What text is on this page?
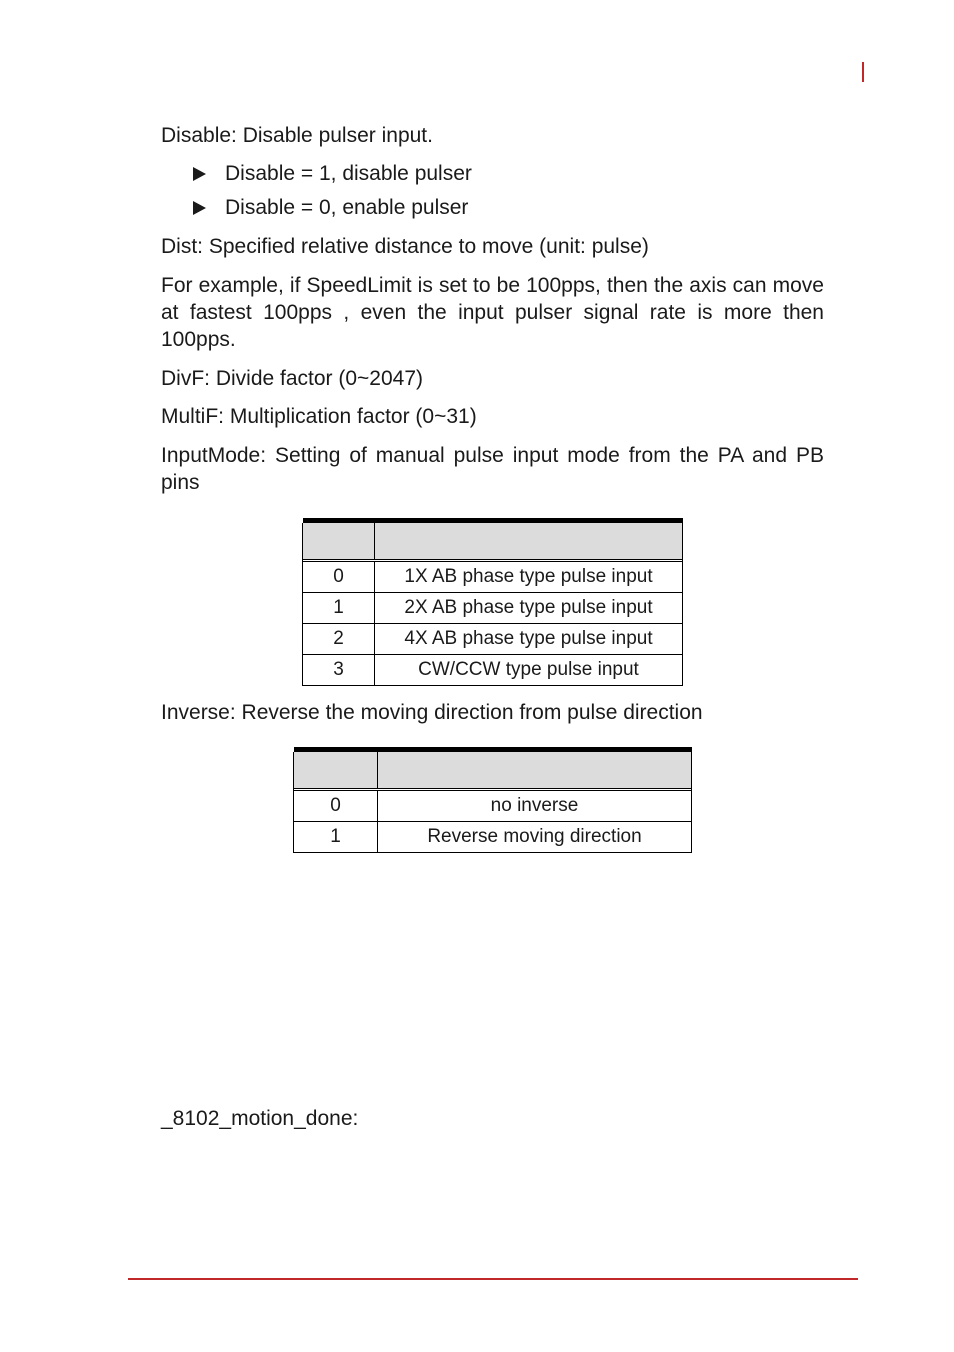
Disable: Disable pulser input.

Disable = 1, disable pulser
Disable = 0, enable pulser

Dist: Specified relative distance to move (unit: pulse)

For example, if SpeedLimit is set to be 100pps, then the axis can move at fastest 100pps , even the input pulser signal rate is more then 100pps.

DivF: Divide factor (0~2047)

MultiF: Multiplication factor (0~31)

InputMode: Setting of manual pulse input mode from the PA and PB pins

0	1X AB phase type pulse input
1	2X AB phase type pulse input
2	4X AB phase type pulse input
3	CW/CCW type pulse input

Inverse: Reverse the moving direction from pulse direction

0	no inverse
1	Reverse moving direction

_8102_motion_done:
